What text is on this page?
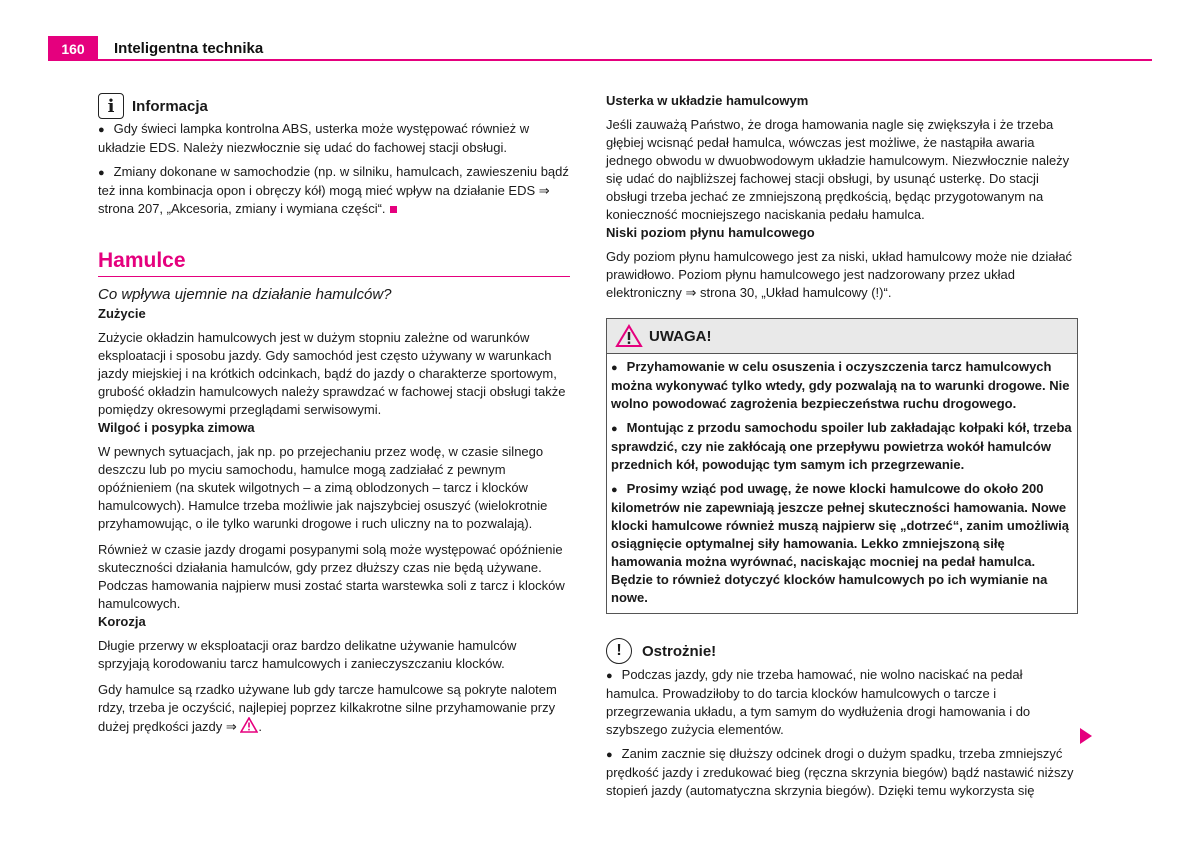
160	Inteligentna technika
i	Informacja

● Gdy świeci lampka kontrolna ABS, usterka może występować również w układzie EDS. Należy niezwłocznie się udać do fachowej stacji obsługi.

● Zmiany dokonane w samochodzie (np. w silniku, hamulcach, zawieszeniu bądź też inna kombinacja opon i obręczy kół) mogą mieć wpływ na działanie EDS ⇒ strona 207, „Akcesoria, zmiany i wymiana części“.

Hamulce

Co wpływa ujemnie na działanie hamulców?

Zużycie

Zużycie okładzin hamulcowych jest w dużym stopniu zależne od warunków eksploatacji i sposobu jazdy. Gdy samochód jest często używany w warunkach jazdy miejskiej i na krótkich odcinkach, bądź do jazdy o charakterze sportowym, grubość okładzin hamulcowych należy sprawdzać w fachowej stacji obsługi także pomiędzy okresowymi przeglądami serwisowymi.

Wilgoć i posypka zimowa

W pewnych sytuacjach, jak np. po przejechaniu przez wodę, w czasie silnego deszczu lub po myciu samochodu, hamulce mogą zadziałać z pewnym opóźnieniem (na skutek wilgotnych – a zimą oblodzonych – tarcz i klocków hamulcowych). Hamulce trzeba możliwie jak najszybciej osuszyć (wielokrotnie przyhamowując, o ile tylko warunki drogowe i ruch uliczny na to pozwalają).

Również w czasie jazdy drogami posypanymi solą może występować opóźnienie skuteczności działania hamulców, gdy przez dłuższy czas nie będą używane. Podczas hamowania najpierw musi zostać starta warstewka soli z tarcz i klocków hamulcowych.

Korozja

Długie przerwy w eksploatacji oraz bardzo delikatne używanie hamulców sprzyjają korodowaniu tarcz hamulcowych i zanieczyszczaniu klocków.

Gdy hamulce są rzadko używane lub gdy tarcze hamulcowe są pokryte nalotem rdzy, trzeba je oczyścić, najlepiej poprzez kilkakrotne silne przyhamowanie przy dużej prędkości jazdy ⇒ .

Usterka w układzie hamulcowym

Jeśli zauważą Państwo, że droga hamowania nagle się zwiększyła i że trzeba głębiej wcisnąć pedał hamulca, wówczas jest możliwe, że nastąpiła awaria jednego obwodu w dwuobwodowym układzie hamulcowym. Niezwłocznie należy się udać do najbliższej fachowej stacji obsługi, by usunąć usterkę. Do stacji obsługi trzeba jechać ze zmniejszoną prędkością, będąc przygotowanym na konieczność mocniejszego naciskania pedału hamulca.

Niski poziom płynu hamulcowego

Gdy poziom płynu hamulcowego jest za niski, układ hamulcowy może nie działać prawidłowo. Poziom płynu hamulcowego jest nadzorowany przez układ elektroniczny ⇒ strona 30, „Układ hamulcowy (!)“.

UWAGA!

● Przyhamowanie w celu osuszenia i oczyszczenia tarcz hamulcowych można wykonywać tylko wtedy, gdy pozwalają na to warunki drogowe. Nie wolno powodować zagrożenia bezpieczeństwa ruchu drogowego.

● Montując z przodu samochodu spoiler lub zakładając kołpaki kół, trzeba sprawdzić, czy nie zakłócają one przepływu powietrza wokół hamulców przednich kół, powodując tym samym ich przegrzewanie.

● Prosimy wziąć pod uwagę, że nowe klocki hamulcowe do około 200 kilometrów nie zapewniają jeszcze pełnej skuteczności hamowania. Nowe klocki hamulcowe również muszą najpierw się „dotrzeć“, zanim umożliwią osiągnięcie optymalnej siły hamowania. Lekko zmniejszoną siłę hamowania można wyrównać, naciskając mocniej na pedał hamulca. Będzie to również dotyczyć klocków hamulcowych po ich wymianie na nowe.

!	Ostrożnie!

● Podczas jazdy, gdy nie trzeba hamować, nie wolno naciskać na pedał hamulca. Prowadziłoby to do tarcia klocków hamulcowych o tarcze i przegrzewania układu, a tym samym do wydłużenia drogi hamowania i do szybszego zużycia elementów.

● Zanim zacznie się dłuższy odcinek drogi o dużym spadku, trzeba zmniejszyć prędkość jazdy i zredukować bieg (ręczna skrzynia biegów) bądź nastawić niższy stopień jazdy (automatyczna skrzynia biegów). Dzięki temu wykorzysta się
